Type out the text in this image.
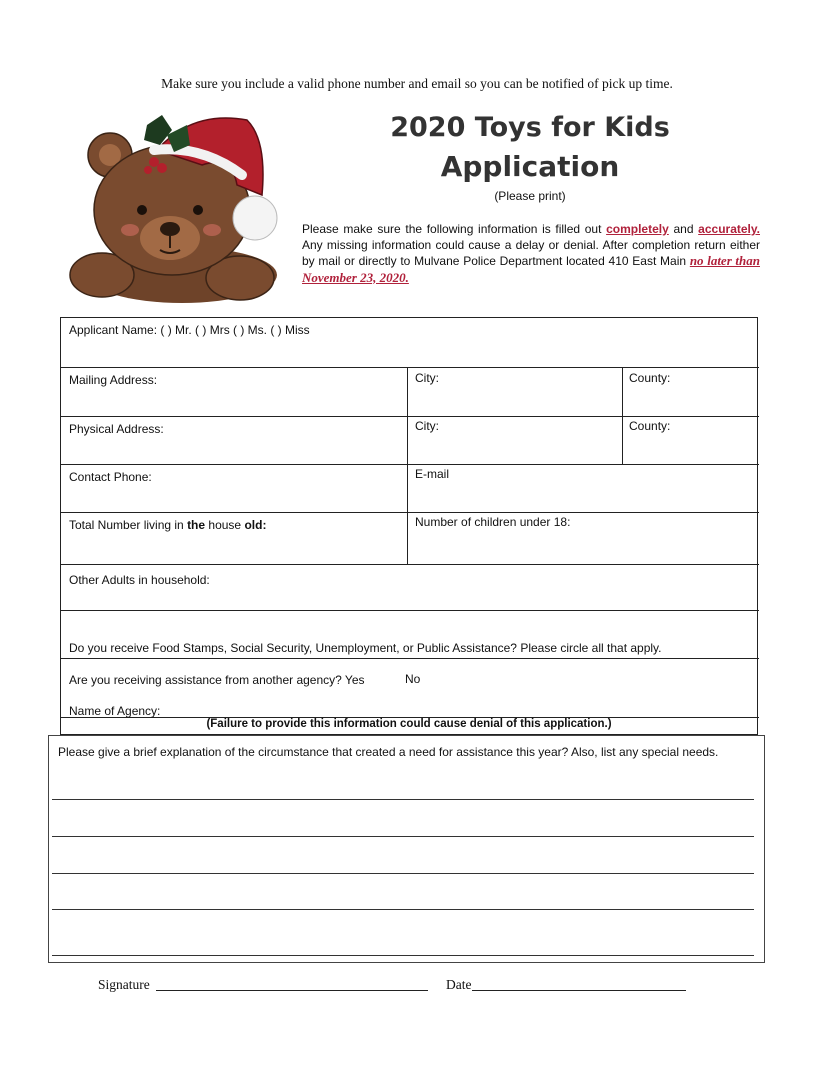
Make sure you include a valid phone number and email so you can be notified of pick up time.
2020 Toys for Kids
Application
(Please print)
Please make sure the following information is filled out completely and accurately. Any missing information could cause a delay or denial. After completion return either by mail or directly to Mulvane Police Department located 410 East Main no later than November 23, 2020.
Applicant Name: ( ) Mr. ( ) Mrs ( ) Ms. ( ) Miss
Mailing Address:	City:	County:
Physical Address:	City:	County:
Contact Phone:	E-mail
Total Number living in the house old:	Number of children under 18:
Other Adults in household:
Do you receive Food Stamps, Social Security, Unemployment, or Public Assistance? Please circle all that apply.
Are you receiving assistance from another agency? Yes	No
Name of Agency:
(Failure to provide this information could cause denial of this application.)
Please give a brief explanation of the circumstance that created a need for assistance this year? Also, list any special needs.
Signature	Date
